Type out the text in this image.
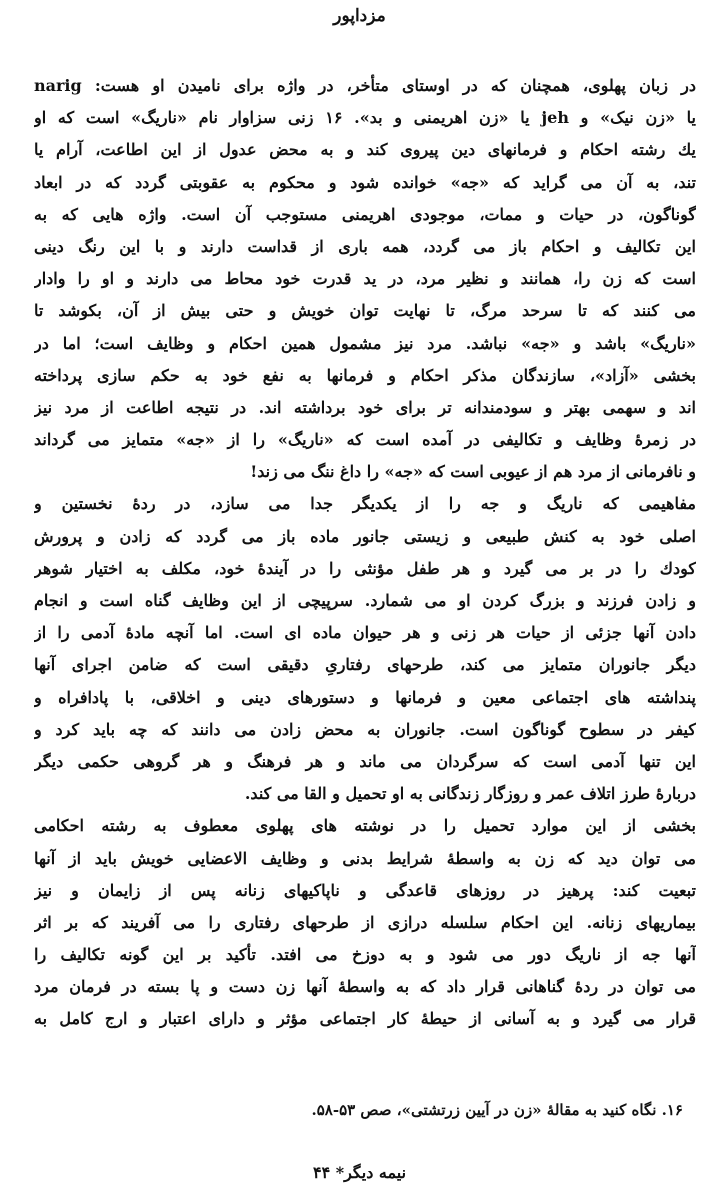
مزداپور
در زبان پهلوی، همچنان که در اوستای متأخر، در واژه برای نامیدن او هست: narig
یا «زن نیک» و jeh یا «زن اهریمنی و بد». ۱۶ زنی سزاوار نام «ناریگ» است که او
یك رشته احکام و فرمانهای دین پیروی کند و به محض عدول از این اطاعت، آرام یا
تند، به آن می گراید که «جه» خوانده شود و محکوم به عقوبتی گردد که در ابعاد
گوناگون، در حیات و ممات، موجودی اهریمنی مستوجب آن است. واژه هایی که به
این تکالیف و احکام باز می گردد، همه باری از قداست دارند و با این رنگ دینی
است که زن را، همانند و نظیر مرد، در ید قدرت خود محاط می دارند و او را وادار
می کنند که تا سرحد مرگ، تا نهایت توان خویش و حتی بیش از آن، بکوشد تا
«ناریگ» باشد و «جه» نباشد. مرد نیز مشمول همین احکام و وظایف است؛ اما در
بخشی «آزاد»، سازندگان مذکر احکام و فرمانها به نفع خود به حکم سازی پرداخته
اند و سهمی بهتر و سودمندانه تر برای خود برداشته اند. در نتیجه اطاعت از مرد نیز
در زمرۀ وظایف و تکالیفی در آمده است که «ناریگ» را از «جه» متمایز می گرداند
و نافرمانی از مرد هم از عیوبی است که «جه» را داغ ننگ می زند!
مفاهیمی که ناریگ و جه را از یکدیگر جدا می سازد، در ردۀ نخستین و
اصلی خود به کنش طبیعی و زیستی جانور ماده باز می گردد که زادن و پرورش
کودك را در بر می گیرد و هر طفل مؤنثی را در آیندۀ خود، مکلف به اختیار شوهر
و زادن فرزند و بزرگ کردن او می شمارد. سرپیچی از این وظایف گناه است و انجام
دادن آنها جزئی از حیات هر زنی و هر حیوان ماده ای است. اما آنچه مادۀ آدمی را از
دیگر جانوران متمایز می کند، طرحهای رفتاریِ دقیقی است که ضامن اجرای آنها
پنداشته های اجتماعی معین و فرمانها و دستورهای دینی و اخلاقی، با پادافراه و
کیفر در سطوح گوناگون است. جانوران به محض زادن می دانند که چه باید کرد و
این تنها آدمی است که سرگردان می ماند و هر فرهنگ و هر گروهی حکمی دیگر
دربارۀ طرز اتلاف عمر و روزگار زندگانی به او تحمیل و القا می کند.
بخشی از این موارد تحمیل را در نوشته های پهلوی معطوف به رشته احکامی
می توان دید که زن به واسطۀ شرایط بدنی و وظایف الاعضایی خویش باید از آنها
تبعیت کند: پرهیز در روزهای قاعدگی و ناپاکیهای زنانه پس از زایمان و نیز
بیماریهای زنانه. این احکام سلسله درازی از طرحهای رفتاری را می آفریند که بر اثر
آنها جه از ناریگ دور می شود و به دوزخ می افتد. تأکید بر این گونه تکالیف را
می توان در ردۀ گناهانی قرار داد که به واسطۀ آنها زن دست و پا بسته در فرمان مرد
قرار می گیرد و به آسانی از حیطۀ کار اجتماعی مؤثر و دارای اعتبار و ارج کامل به
۱۶. نگاه کنید به مقالۀ «زن در آیین زرتشتی»، صص ۵۳-۵۸.
نیمه دیگر* ۴۴
